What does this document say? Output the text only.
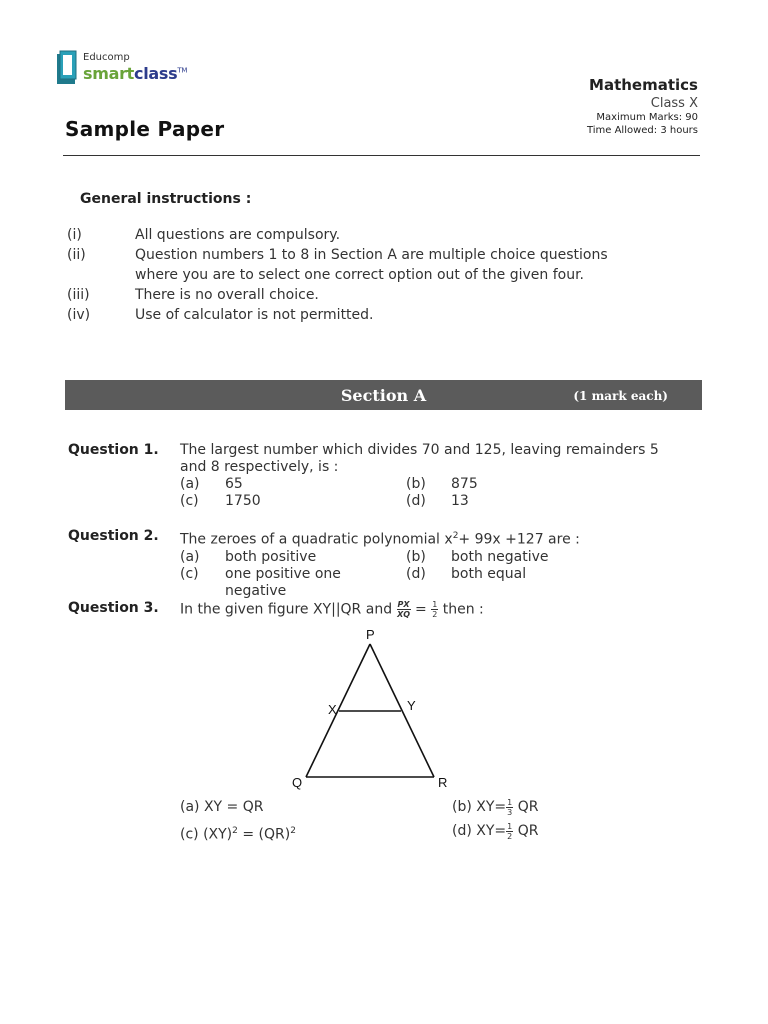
Educomp
smartclass™
Mathematics
Class X
Maximum Marks: 90
Time Allowed: 3 hours
Sample Paper
General instructions :
(i)	All questions are compulsory.
(ii)	Question numbers 1 to 8 in Section A are multiple choice questions where you are to select one correct option out of the given four.
(iii)	There is no overall choice.
(iv)	Use of calculator is not permitted.
Section A	(1 mark each)
Question 1. The largest number which divides 70 and 125, leaving remainders 5 and 8 respectively, is :
(a)	65	(b)	875
(c)	1750	(d)	13
Question 2. The zeroes of a quadratic polynomial $x^2+ 99x +127$ are :
(a)	both positive	(b)	both negative
(c)	one positive one negative
(d)	both equal
Question 3. In the given figure XY||QR and $\frac{PX}{XQ} = \frac{1}{2}$ then :
P
X	Y
Q	R
(a) XY = QR	(b) $XY= \frac{1}{3}$ QR
(c) (XY)$^2$ = (QR)$^2$	(d) $XY= \frac{1}{2}$ QR
